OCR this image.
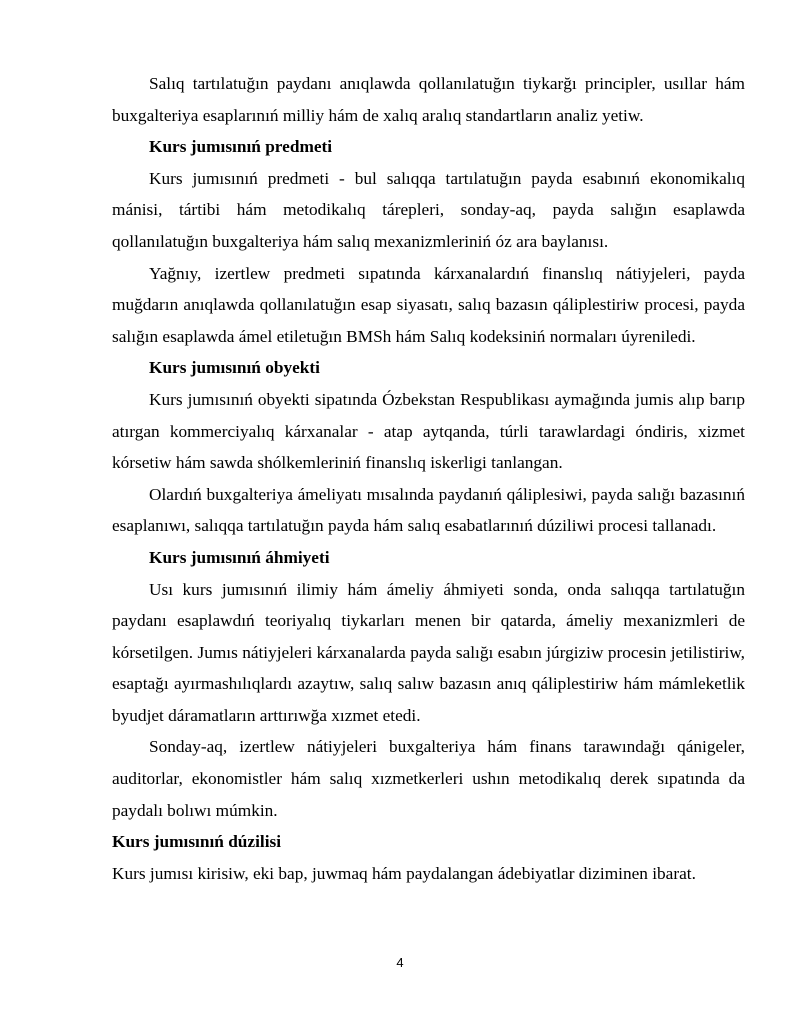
Salıq tartılatuğın paydanı anıqlawda qollanılatuğın tiykarğı principler, usıllar hám buxgalteriya esaplarınıń milliy hám de xalıq aralıq standartların analiz yetiw.

Kurs jumısınıń predmeti

Kurs jumısınıń predmeti - bul salıqqa tartılatuğın payda esabınıń ekonomikalıq mánisi, tártibi hám metodikalıq tárepleri, sonday-aq, payda salığın esaplawda qollanılatuğın buxgalteriya hám salıq mexanizmleriniń óz ara baylanısı.

Yağnıy, izertlew predmeti sıpatında kárxanalardıń finanslıq nátiyjeleri, payda muğdarın anıqlawda qollanılatuğın esap siyasatı, salıq bazasın qáliplestiriw procesi, payda salığın esaplawda ámel etiletuğın BMSh hám Salıq kodeksiniń normaları úyreniledi.

Kurs jumısınıń obyekti

Kurs jumısınıń obyekti sipatında Ózbekstan Respublikası aymağında jumis alıp barıp atırgan kommerciyalıq kárxanalar - atap aytqanda, túrli tarawlardagi óndiris, xizmet kórsetiw hám sawda shólkemleriniń finanslıq iskerligi tanlangan.

Olardıń buxgalteriya ámeliyatı mısalında paydanıń qáliplesiwi, payda salığı bazasınıń esaplanıwı, salıqqa tartılatuğın payda hám salıq esabatlarınıń dúziliwi procesi tallanadı.

Kurs jumısınıń áhmiyeti

Usı kurs jumısınıń ilimiy hám ámeliy áhmiyeti sonda, onda salıqqa tartılatuğın paydanı esaplawdıń teoriyalıq tiykarları menen bir qatarda, ámeliy mexanizmleri de kórsetilgen. Jumıs nátiyjeleri kárxanalarda payda salığı esabın júrgiziw procesin jetilistiriw, esaptağı ayırmashılıqlardı azaytıw, salıq salıw bazasın anıq qáliplestiriw hám mámleketlik byudjet dáramatların arttırıwğa xızmet etedi.

Sonday-aq, izertlew nátiyjeleri buxgalteriya hám finans tarawındağı qánigeler, auditorlar, ekonomistler hám salıq xızmetkerleri ushın metodikalıq derek sıpatında da paydalı bolıwı múmkin.

Kurs jumısınıń dúzilisi

Kurs jumısı kirisiw, eki bap, juwmaq hám paydalangan ádebiyatlar diziminen ibarat.

4
